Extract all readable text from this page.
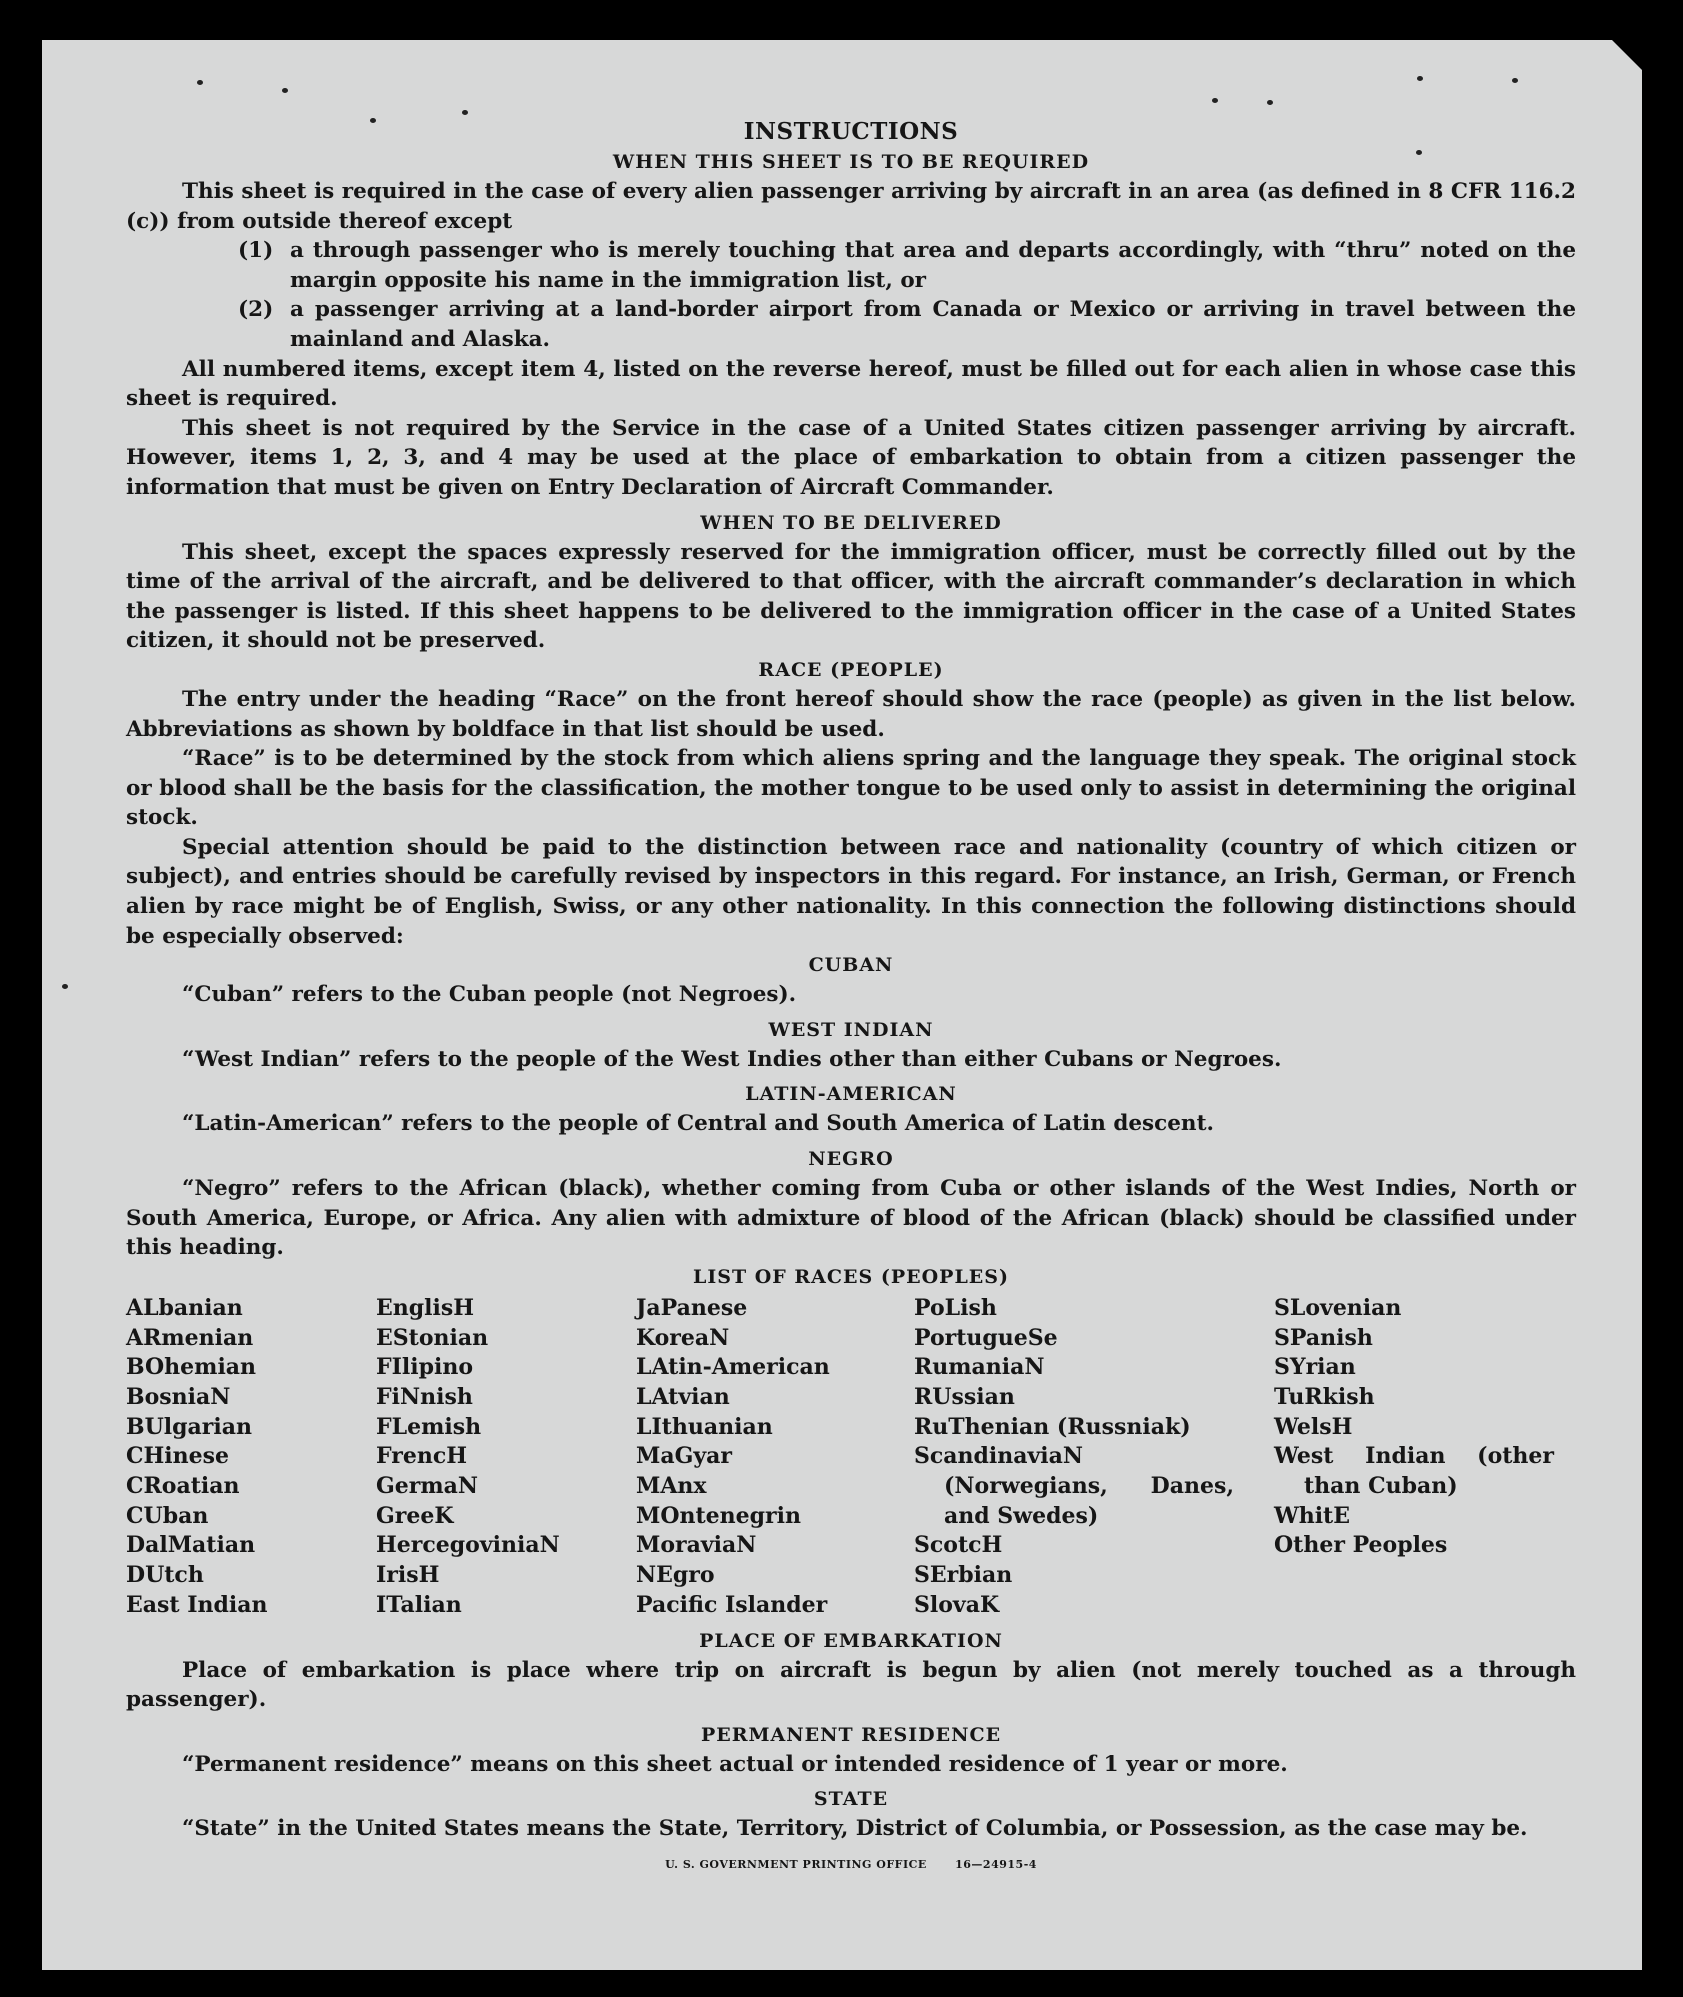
INSTRUCTIONS
WHEN THIS SHEET IS TO BE REQUIRED

This sheet is required in the case of every alien passenger arriving by aircraft in an area (as defined in 8 CFR 116.2 (c)) from outside thereof except

(1) a through passenger who is merely touching that area and departs accordingly, with “thru” noted on the margin opposite his name in the immigration list, or
(2) a passenger arriving at a land-border airport from Canada or Mexico or arriving in travel between the mainland and Alaska.

All numbered items, except item 4, listed on the reverse hereof, must be filled out for each alien in whose case this sheet is required.

This sheet is not required by the Service in the case of a United States citizen passenger arriving by aircraft. However, items 1, 2, 3, and 4 may be used at the place of embarkation to obtain from a citizen passenger the information that must be given on Entry Declaration of Aircraft Commander.

WHEN TO BE DELIVERED

This sheet, except the spaces expressly reserved for the immigration officer, must be correctly filled out by the time of the arrival of the aircraft, and be delivered to that officer, with the aircraft commander’s declaration in which the passenger is listed. If this sheet happens to be delivered to the immigration officer in the case of a United States citizen, it should not be preserved.

RACE (PEOPLE)

The entry under the heading “Race” on the front hereof should show the race (people) as given in the list below. Abbreviations as shown by boldface in that list should be used.

“Race” is to be determined by the stock from which aliens spring and the language they speak. The original stock or blood shall be the basis for the classification, the mother tongue to be used only to assist in determining the original stock.

Special attention should be paid to the distinction between race and nationality (country of which citizen or subject), and entries should be carefully revised by inspectors in this regard. For instance, an Irish, German, or French alien by race might be of English, Swiss, or any other nationality. In this connection the following distinctions should be especially observed:

CUBAN

“Cuban” refers to the Cuban people (not Negroes).

WEST INDIAN

“West Indian” refers to the people of the West Indies other than either Cubans or Negroes.

LATIN-AMERICAN

“Latin-American” refers to the people of Central and South America of Latin descent.

NEGRO

“Negro” refers to the African (black), whether coming from Cuba or other islands of the West Indies, North or South America, Europe, or Africa. Any alien with admixture of blood of the African (black) should be classified under this heading.

LIST OF RACES (PEOPLES)
ALbanian
ARmenian
BOhemian
BosniaN
BUlgarian
CHinese
CRoatian
CUban
DalMatian
DUtch
East Indian
EnglisH
EStonian
FIlipino
FiNnish
FLemish
FrencH
GermaN
GreeK
HercegoviniaN
IrisH
ITalian
JaPanese
KoreaN
LAtin-American
LAtvian
LIthuanian
MaGyar
MAnx
MOntenegrin
MoraviaN
NEgro
Pacific Islander
PoLish
PortugueSe
RumaniaN
RUssian
RuThenian (Russniak)
ScandinaviaN (Norwegians, Danes, and Swedes)
ScotcH
SErbian
SlovaK
SLovenian
SPanish
SYrian
TuRkish
WelsH
West Indian (other than Cuban)
WhitE
Other Peoples
PLACE OF EMBARKATION

Place of embarkation is place where trip on aircraft is begun by alien (not merely touched as a through passenger).

PERMANENT RESIDENCE

“Permanent residence” means on this sheet actual or intended residence of 1 year or more.

STATE

“State” in the United States means the State, Territory, District of Columbia, or Possession, as the case may be.

U. S. GOVERNMENT PRINTING OFFICE	16—24915-4
